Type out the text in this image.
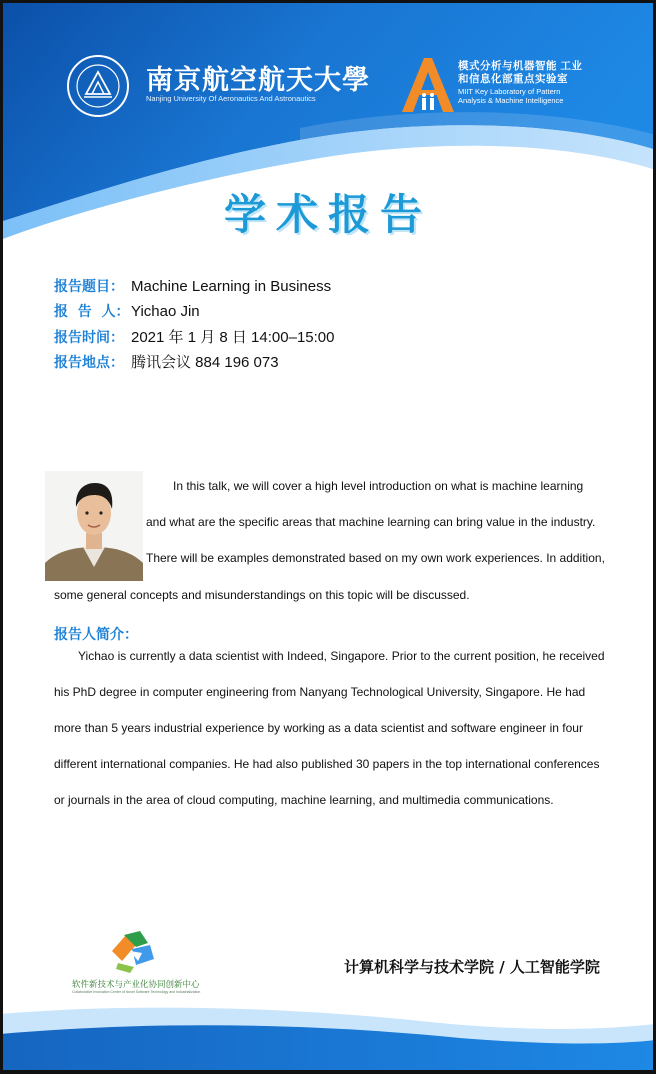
南京航空航天大學
Nanjing University Of Aeronautics And Astronautics
模式分析与机器智能 工业和信息化部重点实验室
MIIT Key Laboratory of Pattern Analysis & Machine Intelligence
学术报告
报告题目： Machine Learning in Business
报  告  人： Yichao Jin
报告时间： 2021 年 1 月 8 日 14:00–15:00
报告地点： 腾讯会议 884 196 073
In this talk, we will cover a high level introduction on what is machine learning
and what are the specific areas that machine learning can bring value in the industry.
There will be examples demonstrated based on my own work experiences. In addition,
some general concepts and misunderstandings on this topic will be discussed.
报告人简介：
Yichao is currently a data scientist with Indeed, Singapore. Prior to the current position, he received
his PhD degree in computer engineering from Nanyang Technological University, Singapore. He had
more than 5 years industrial experience by working as a data scientist and software engineer in four
different international companies. He had also published 30 papers in the top international conferences
or journals in the area of cloud computing, machine learning, and multimedia communications.
软件新技术与产业化协同创新中心
Collaborative Innovation Center of Novel Software Technology and Industrialization
计算机科学与技术学院 / 人工智能学院
